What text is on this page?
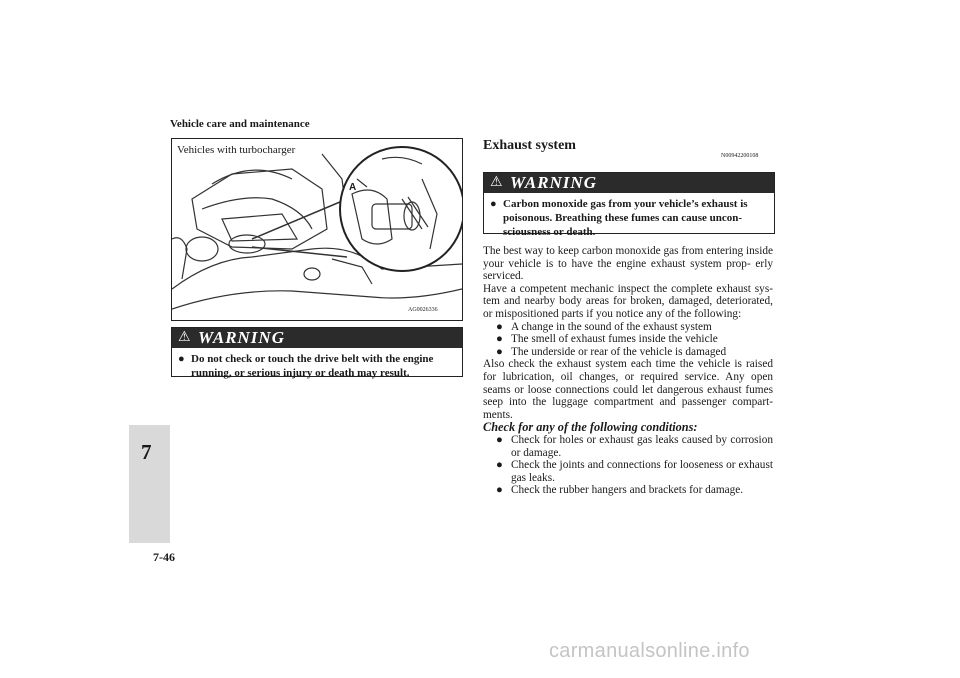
Vehicle care and maintenance
7
7-46
Vehicles with turbocharger
A
AG0026336
⚠ WARNING
● Do not check or touch the drive belt with the engine
running, or serious injury or death may result.
Exhaust system
N00942200108
⚠ WARNING
● Carbon monoxide gas from your vehicle’s exhaust is
poisonous. Breathing these fumes can cause uncon-
sciousness or death.

The best way to keep carbon monoxide gas from entering inside your vehicle is to have the engine exhaust system prop- erly serviced.

Have a competent mechanic inspect the complete exhaust sys- tem and nearby body areas for broken, damaged, deteriorated, or mispositioned parts if you notice any of the following:

● A change in the sound of the exhaust system

● The smell of exhaust fumes inside the vehicle

● The underside or rear of the vehicle is damaged

Also check the exhaust system each time the vehicle is raised for lubrication, oil changes, or required service. Any open seams or loose connections could let dangerous exhaust fumes seep into the luggage compartment and passenger compart- ments.

Check for any of the following conditions:

● Check for holes or exhaust gas leaks caused by corrosion or damage.

● Check the joints and connections for looseness or exhaust gas leaks.

● Check the rubber hangers and brackets for damage.

carmanualsonline.info
